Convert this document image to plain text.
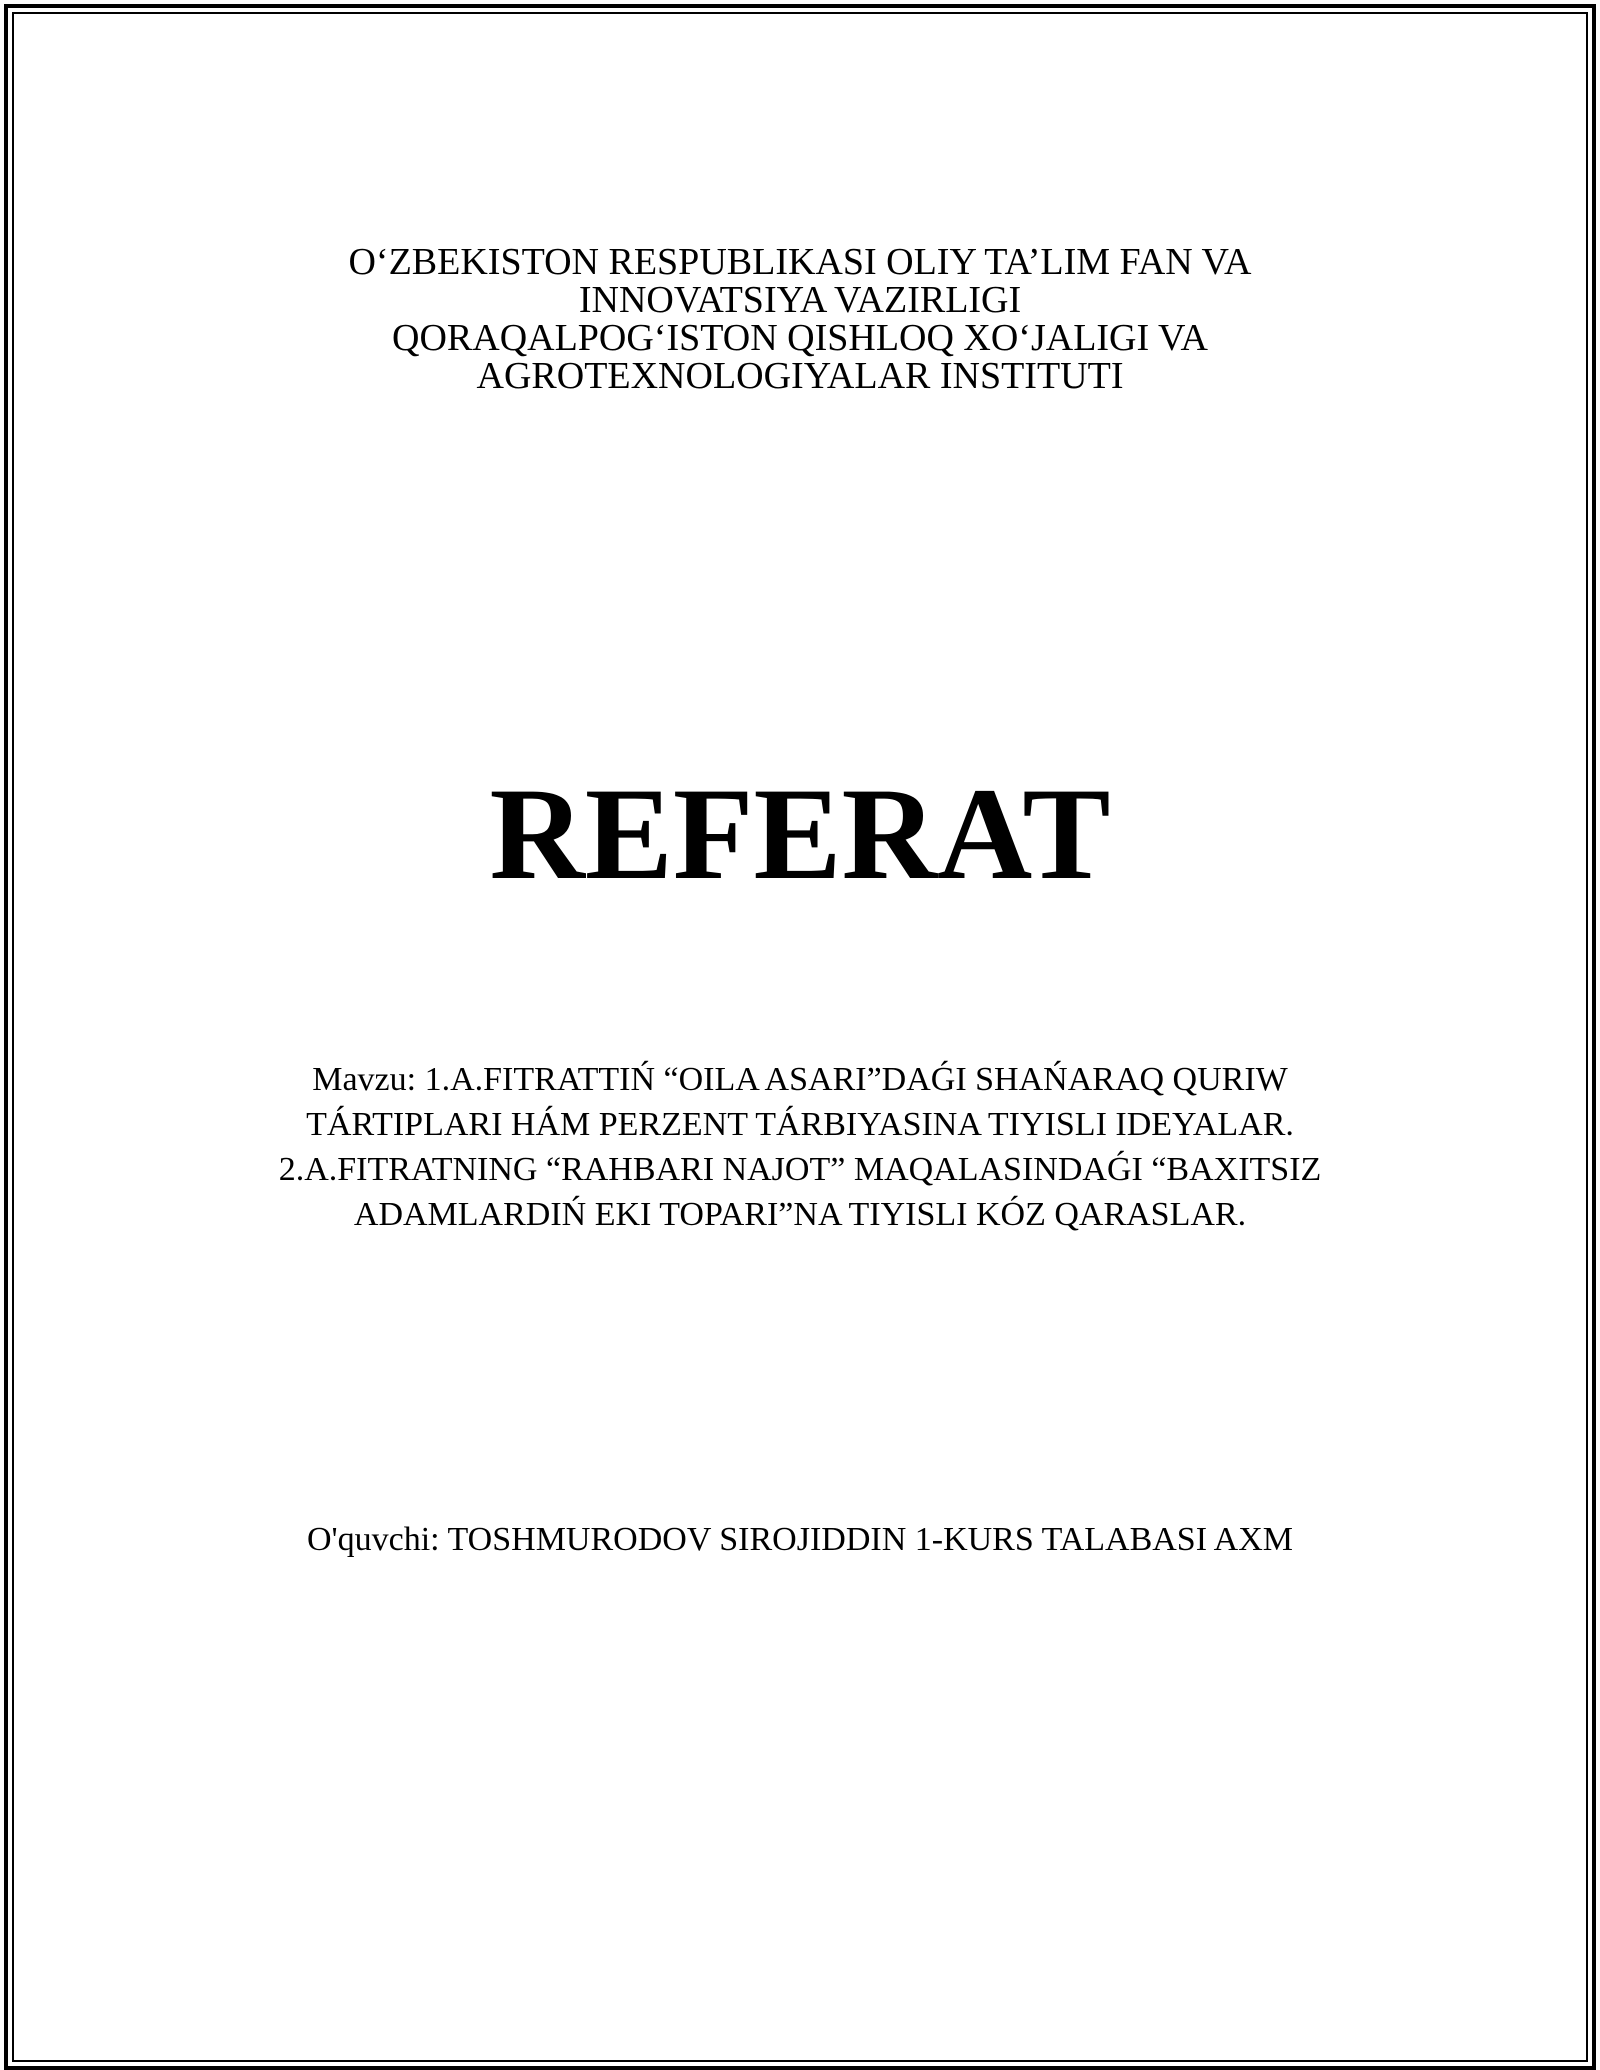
O‘ZBEKISTON RESPUBLIKASI OLIY TA’LIM FAN VA
INNOVATSIYA VAZIRLIGI
QORAQALPOG‘ISTON QISHLOQ XO‘JALIGI VA
AGROTEXNOLOGIYALAR INSTITUTI
REFERAT
Mavzu: 1.A.FITRATTIŃ “OILA ASARI”DAǴI SHAŃARAQ QURIW
TÁRTIPLARI HÁM PERZENT TÁRBIYASINA TIYISLI IDEYALAR.
2.A.FITRATNING “RAHBARI NAJOT” MAQALASINDAǴI “BAXITSIZ
ADAMLARDIŃ EKI TOPARI”NA TIYISLI KÓZ QARASLAR.
O'quvchi: TOSHMURODOV SIROJIDDIN 1-KURS TALABASI AXM
